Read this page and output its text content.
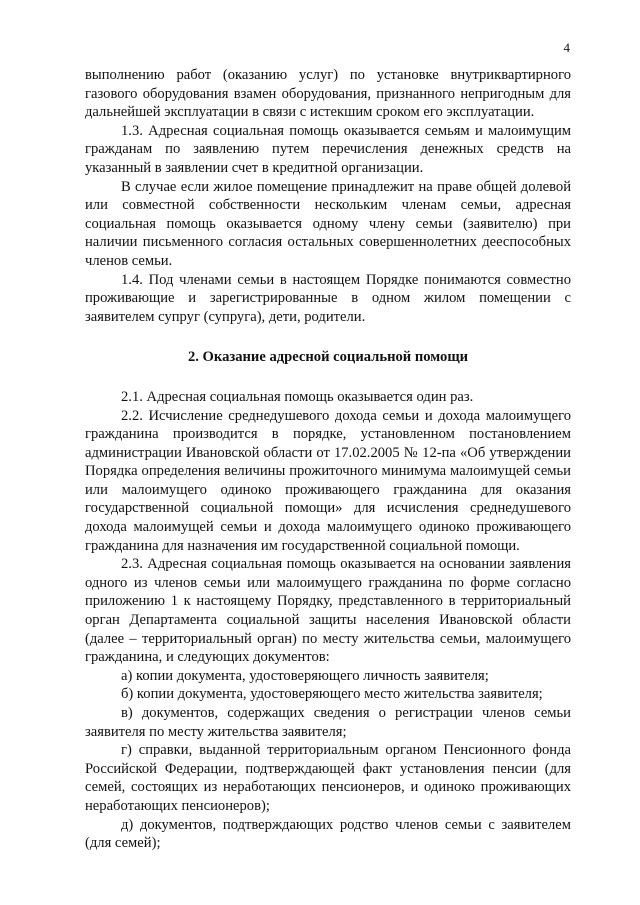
4

выполнению работ (оказанию услуг) по установке внутриквартирного газового оборудования взамен оборудования, признанного непригодным для дальнейшей эксплуатации в связи с истекшим сроком его эксплуатации.

1.3. Адресная социальная помощь оказывается семьям и малоимущим гражданам по заявлению путем перечисления денежных средств на указанный в заявлении счет в кредитной организации.

В случае если жилое помещение принадлежит на праве общей долевой или совместной собственности нескольким членам семьи, адресная социальная помощь оказывается одному члену семьи (заявителю) при наличии письменного согласия остальных совершеннолетних дееспособных членов семьи.

1.4. Под членами семьи в настоящем Порядке понимаются совместно проживающие и зарегистрированные в одном жилом помещении с заявителем супруг (супруга), дети, родители.

2. Оказание адресной социальной помощи

2.1. Адресная социальная помощь оказывается один раз.

2.2. Исчисление среднедушевого дохода семьи и дохода малоимущего гражданина производится в порядке, установленном постановлением администрации Ивановской области от 17.02.2005 № 12-па «Об утверждении Порядка определения величины прожиточного минимума малоимущей семьи или малоимущего одиноко проживающего гражданина для оказания государственной социальной помощи» для исчисления среднедушевого дохода малоимущей семьи и дохода малоимущего одиноко проживающего гражданина для назначения им государственной социальной помощи.

2.3. Адресная социальная помощь оказывается на основании заявления одного из членов семьи или малоимущего гражданина по форме согласно приложению 1 к настоящему Порядку, представленного в территориальный орган Департамента социальной защиты населения Ивановской области (далее – территориальный орган) по месту жительства семьи, малоимущего гражданина, и следующих документов:

а) копии документа, удостоверяющего личность заявителя;

б) копии документа, удостоверяющего место жительства заявителя;

в) документов, содержащих сведения о регистрации членов семьи заявителя по месту жительства заявителя;

г) справки, выданной территориальным органом Пенсионного фонда Российской Федерации, подтверждающей факт установления пенсии (для семей, состоящих из неработающих пенсионеров, и одиноко проживающих неработающих пенсионеров);

д) документов, подтверждающих родство членов семьи с заявителем (для семей);
